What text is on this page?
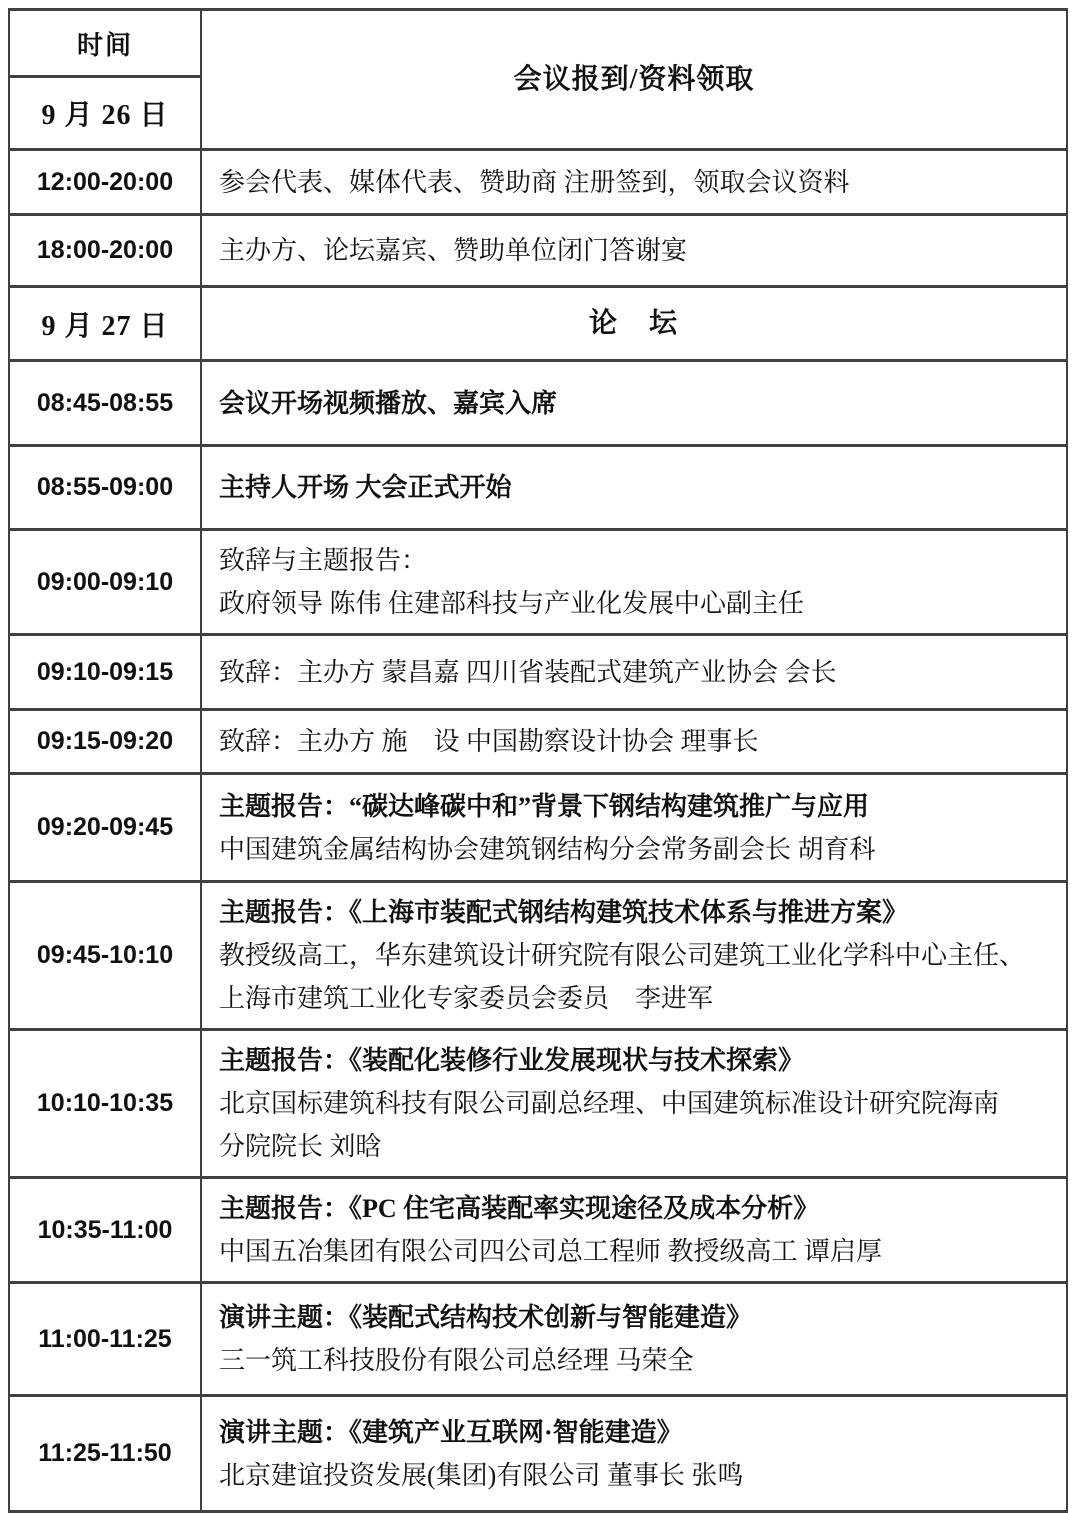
时间	会议报到/资料领取
9 月 26 日	
12:00-20:00	参会代表、媒体代表、赞助商 注册签到，领取会议资料

18:00-20:00	主办方、论坛嘉宾、赞助单位闭门答谢宴

9 月 27 日	论　坛
08:45-08:55	会议开场视频播放、嘉宾入席

08:55-09:00	主持人开场 大会正式开始

09:00-09:10	致辞与主题报告：
政府领导 陈伟 住建部科技与产业化发展中心副主任

09:10-09:15	致辞：主办方 蒙昌嘉 四川省装配式建筑产业协会 会长

09:15-09:20	致辞：主办方 施　设 中国勘察设计协会 理事长

09:20-09:45	主题报告：“碳达峰碳中和”背景下钢结构建筑推广与应用
中国建筑金属结构协会建筑钢结构分会常务副会长 胡育科

09:45-10:10	主题报告：《上海市装配式钢结构建筑技术体系与推进方案》
教授级高工，华东建筑设计研究院有限公司建筑工业化学科中心主任、
上海市建筑工业化专家委员会委员　李进军

10:10-10:35	主题报告：《装配化装修行业发展现状与技术探索》
北京国标建筑科技有限公司副总经理、中国建筑标准设计研究院海南
分院院长 刘晗

10:35-11:00	主题报告：《PC 住宅高装配率实现途径及成本分析》
中国五冶集团有限公司四公司总工程师 教授级高工 谭启厚

11:00-11:25	演讲主题：《装配式结构技术创新与智能建造》
三一筑工科技股份有限公司总经理 马荣全

11:25-11:50	演讲主题：《建筑产业互联网·智能建造》
北京建谊投资发展(集团)有限公司 董事长 张鸣
